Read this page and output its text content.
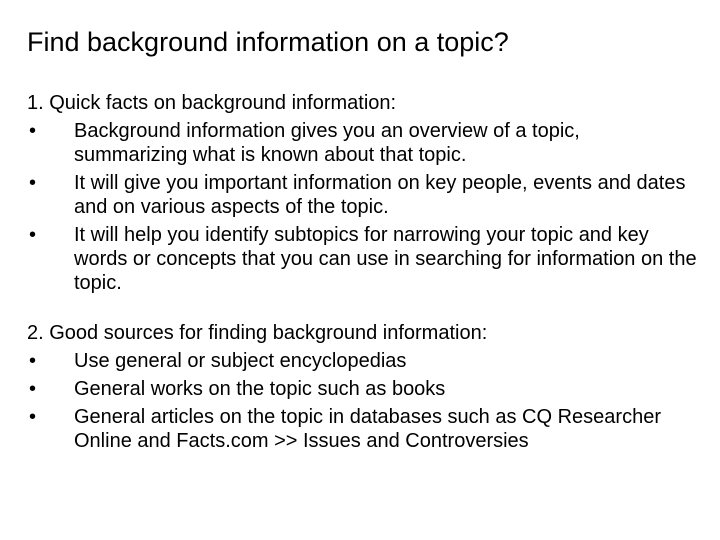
Find background information on a topic?

1. Quick facts on background information:

• Background information gives you an overview of a topic, summarizing what is known about that topic.
• It will give you important information on key people, events and dates and on various aspects of the topic.
• It will help you identify subtopics for narrowing your topic and key words or concepts that you can use in searching for information on the topic.

2. Good sources for finding background information:

• Use general or subject encyclopedias
• General works on the topic such as books
• General articles on the topic in databases such as CQ Researcher Online and Facts.com >> Issues and Controversies
